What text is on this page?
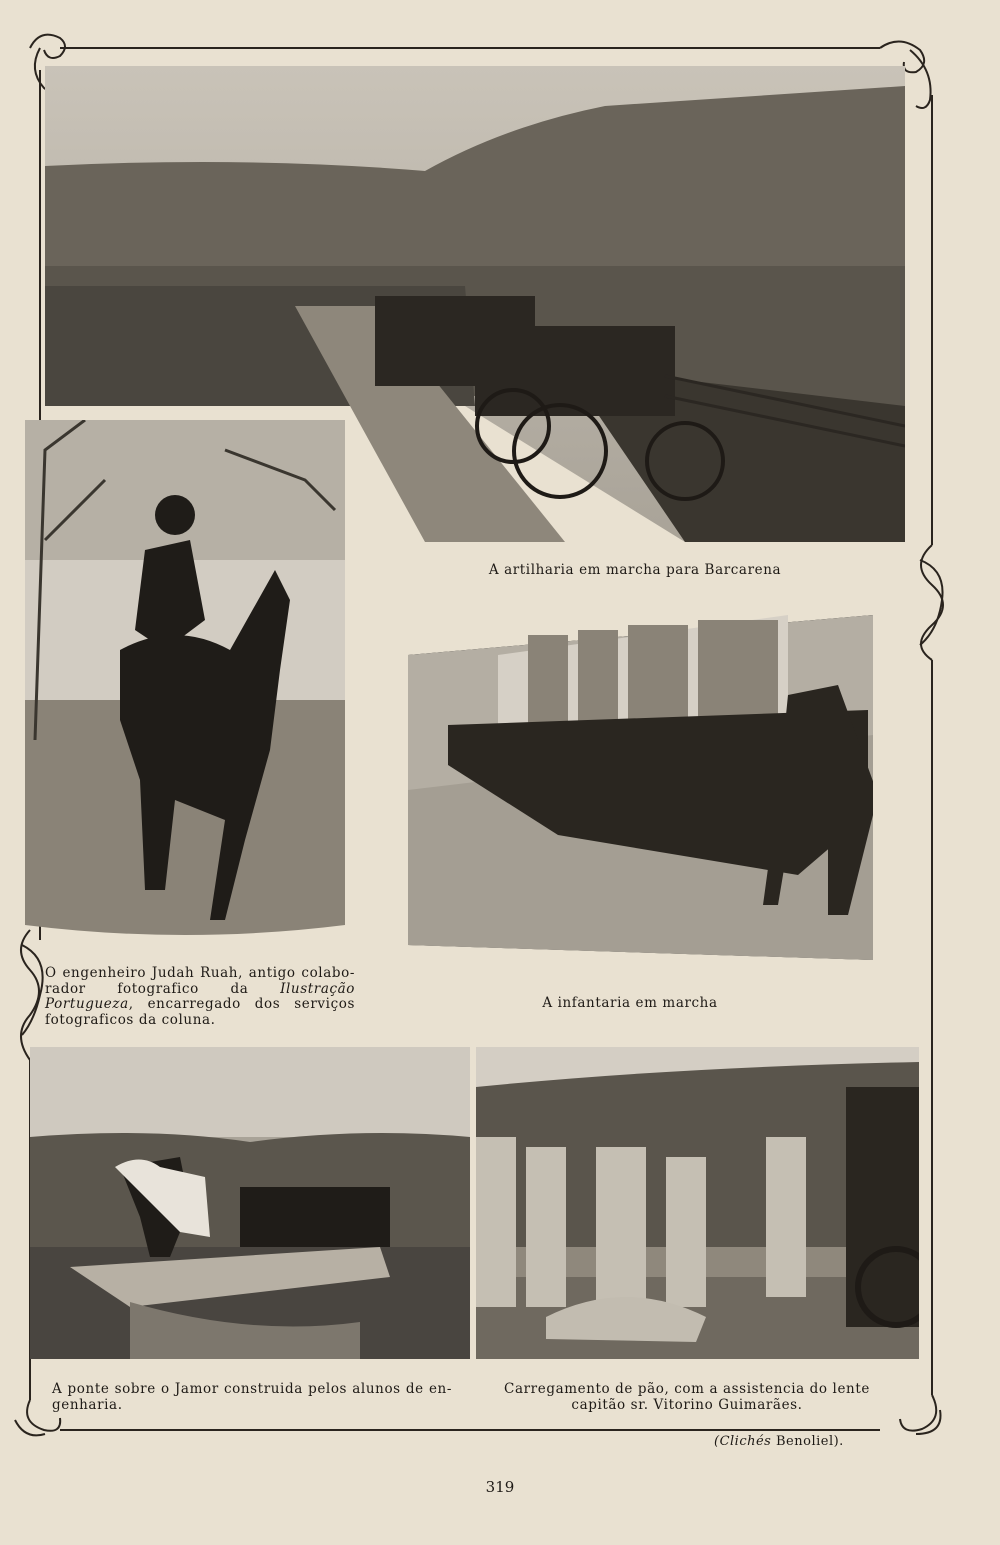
A artilharia em marcha para Barcarena
O engenheiro Judah Ruah, antigo colabo-rador fotografico da Ilustração Portugueza, encarregado dos serviços fotograficos da coluna.
A infantaria em marcha
A ponte sobre o Jamor construida pelos alunos de en-genharia.
Carregamento de pão, com a assistencia do lente capitão sr. Vitorino Guimarães.
(Clichés Benoliel).
319
